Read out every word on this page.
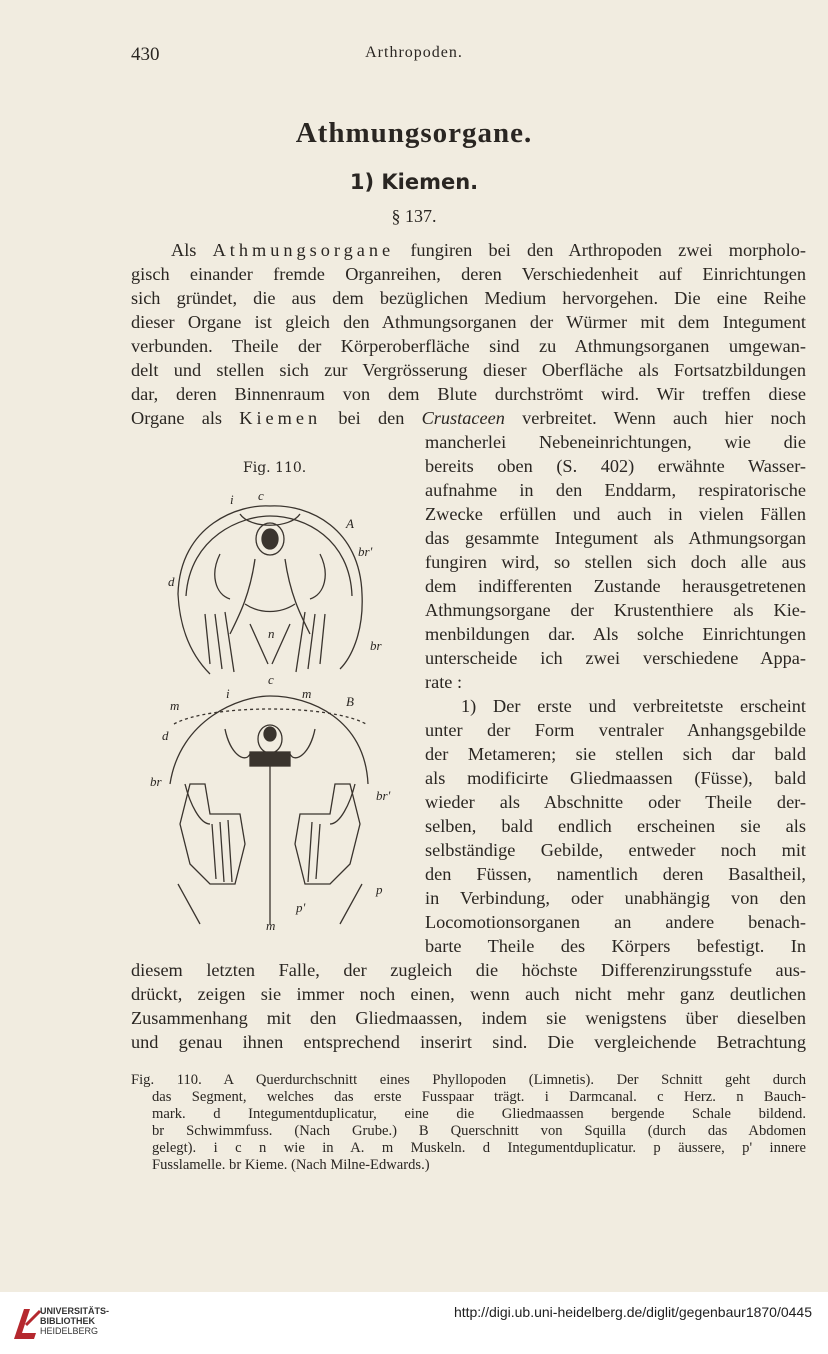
430	Arthropoden.
Athmungsorgane.
1) Kiemen.
§ 137.
Als Athmungsorgane fungiren bei den Arthropoden zwei morpholo-
gisch einander fremde Organreihen, deren Verschiedenheit auf Einrichtungen
sich gründet, die aus dem bezüglichen Medium hervorgehen. Die eine Reihe
dieser Organe ist gleich den Athmungsorganen der Würmer mit dem Integument
verbunden. Theile der Körperoberfläche sind zu Athmungsorganen umgewan-
delt und stellen sich zur Vergrösserung dieser Oberfläche als Fortsatzbildungen
dar, deren Binnenraum von dem Blute durchströmt wird. Wir treffen diese
Organe als Kiemen bei den Crustaceen verbreitet. Wenn auch hier noch
mancherlei Nebeneinrichtungen, wie die
bereits oben (S. 402) erwähnte Wasser-
aufnahme in den Enddarm, respiratorische
Zwecke erfüllen und auch in vielen Fällen
das gesammte Integument als Athmungsorgan
fungiren wird, so stellen sich doch alle aus
dem indifferenten Zustande herausgetretenen
Athmungsorgane der Krustenthiere als Kie-
menbildungen dar. Als solche Einrichtungen
unterscheide ich zwei verschiedene Appa-
rate :
1) Der erste und verbreitetste erscheint
unter der Form ventraler Anhangsgebilde
der Metameren; sie stellen sich dar bald
als modificirte Gliedmaassen (Füsse), bald
wieder als Abschnitte oder Theile der-
selben, bald endlich erscheinen sie als
selbständige Gebilde, entweder noch mit
den Füssen, namentlich deren Basaltheil,
in Verbindung, oder unabhängig von den
Locomotionsorganen an andere benach-
barte Theile des Körpers befestigt. In
diesem letzten Falle, der zugleich die höchste Differenzirungsstufe aus-
drückt, zeigen sie immer noch einen, wenn auch nicht mehr ganz deutlichen
Zusammenhang mit den Gliedmaassen, indem sie wenigstens über dieselben
und genau ihnen entsprechend inserirt sind. Die vergleichende Betrachtung
Fig. 110.
i c
A
br'
d
n
br
i
c
m
B
m
d
br
br'
p
p'
m
Fig. 110. A Querdurchschnitt eines Phyllopoden (Limnetis). Der Schnitt geht durch
das Segment, welches das erste Fusspaar trägt. i Darmcanal. c Herz. n Bauch-
mark. d Integumentduplicatur, eine die Gliedmaassen bergende Schale bildend.
br Schwimmfuss. (Nach Grube.) B Querschnitt von Squilla (durch das Abdomen
gelegt). i c n wie in A. m Muskeln. d Integumentduplicatur. p äussere, p' innere
Fusslamelle. br Kieme. (Nach Milne-Edwards.)
UNIVERSITÄTS-
BIBLIOTHEK
HEIDELBERG
http://digi.ub.uni-heidelberg.de/diglit/gegenbaur1870/0445
